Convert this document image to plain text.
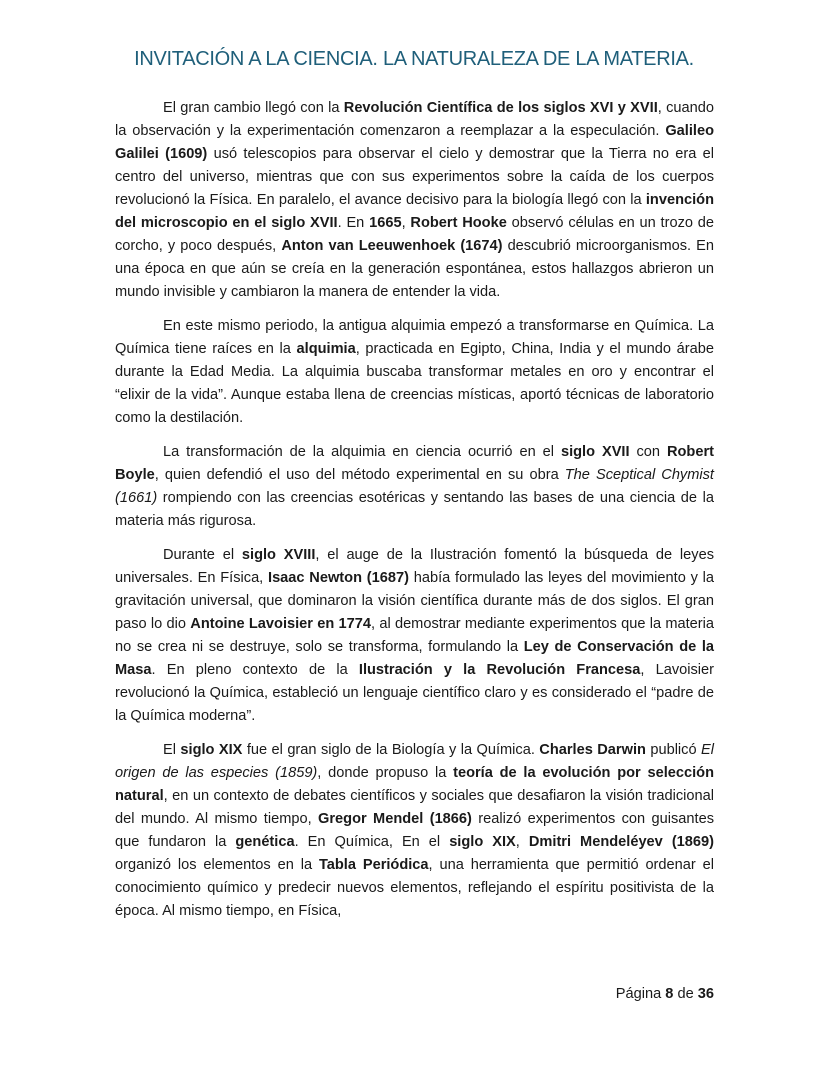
INVITACIÓN A LA CIENCIA. LA NATURALEZA DE LA MATERIA.

El gran cambio llegó con la Revolución Científica de los siglos XVI y XVII, cuando la observación y la experimentación comenzaron a reemplazar a la especulación. Galileo Galilei (1609) usó telescopios para observar el cielo y demostrar que la Tierra no era el centro del universo, mientras que con sus experimentos sobre la caída de los cuerpos revolucionó la Física. En paralelo, el avance decisivo para la biología llegó con la invención del microscopio en el siglo XVII. En 1665, Robert Hooke observó células en un trozo de corcho, y poco después, Anton van Leeuwenhoek (1674) descubrió microorganismos. En una época en que aún se creía en la generación espontánea, estos hallazgos abrieron un mundo invisible y cambiaron la manera de entender la vida.

En este mismo periodo, la antigua alquimia empezó a transformarse en Química. La Química tiene raíces en la alquimia, practicada en Egipto, China, India y el mundo árabe durante la Edad Media. La alquimia buscaba transformar metales en oro y encontrar el “elixir de la vida”. Aunque estaba llena de creencias místicas, aportó técnicas de laboratorio como la destilación.

La transformación de la alquimia en ciencia ocurrió en el siglo XVII con Robert Boyle, quien defendió el uso del método experimental en su obra The Sceptical Chymist (1661) rompiendo con las creencias esotéricas y sentando las bases de una ciencia de la materia más rigurosa.

Durante el siglo XVIII, el auge de la Ilustración fomentó la búsqueda de leyes universales. En Física, Isaac Newton (1687) había formulado las leyes del movimiento y la gravitación universal, que dominaron la visión científica durante más de dos siglos. El gran paso lo dio Antoine Lavoisier en 1774, al demostrar mediante experimentos que la materia no se crea ni se destruye, solo se transforma, formulando la Ley de Conservación de la Masa. En pleno contexto de la Ilustración y la Revolución Francesa, Lavoisier revolucionó la Química, estableció un lenguaje científico claro y es considerado el “padre de la Química moderna”.

El siglo XIX fue el gran siglo de la Biología y la Química. Charles Darwin publicó El origen de las especies (1859), donde propuso la teoría de la evolución por selección natural, en un contexto de debates científicos y sociales que desafiaron la visión tradicional del mundo. Al mismo tiempo, Gregor Mendel (1866) realizó experimentos con guisantes que fundaron la genética. En Química, En el siglo XIX, Dmitri Mendeléyev (1869) organizó los elementos en la Tabla Periódica, una herramienta que permitió ordenar el conocimiento químico y predecir nuevos elementos, reflejando el espíritu positivista de la época. Al mismo tiempo, en Física,

Página 8 de 36
